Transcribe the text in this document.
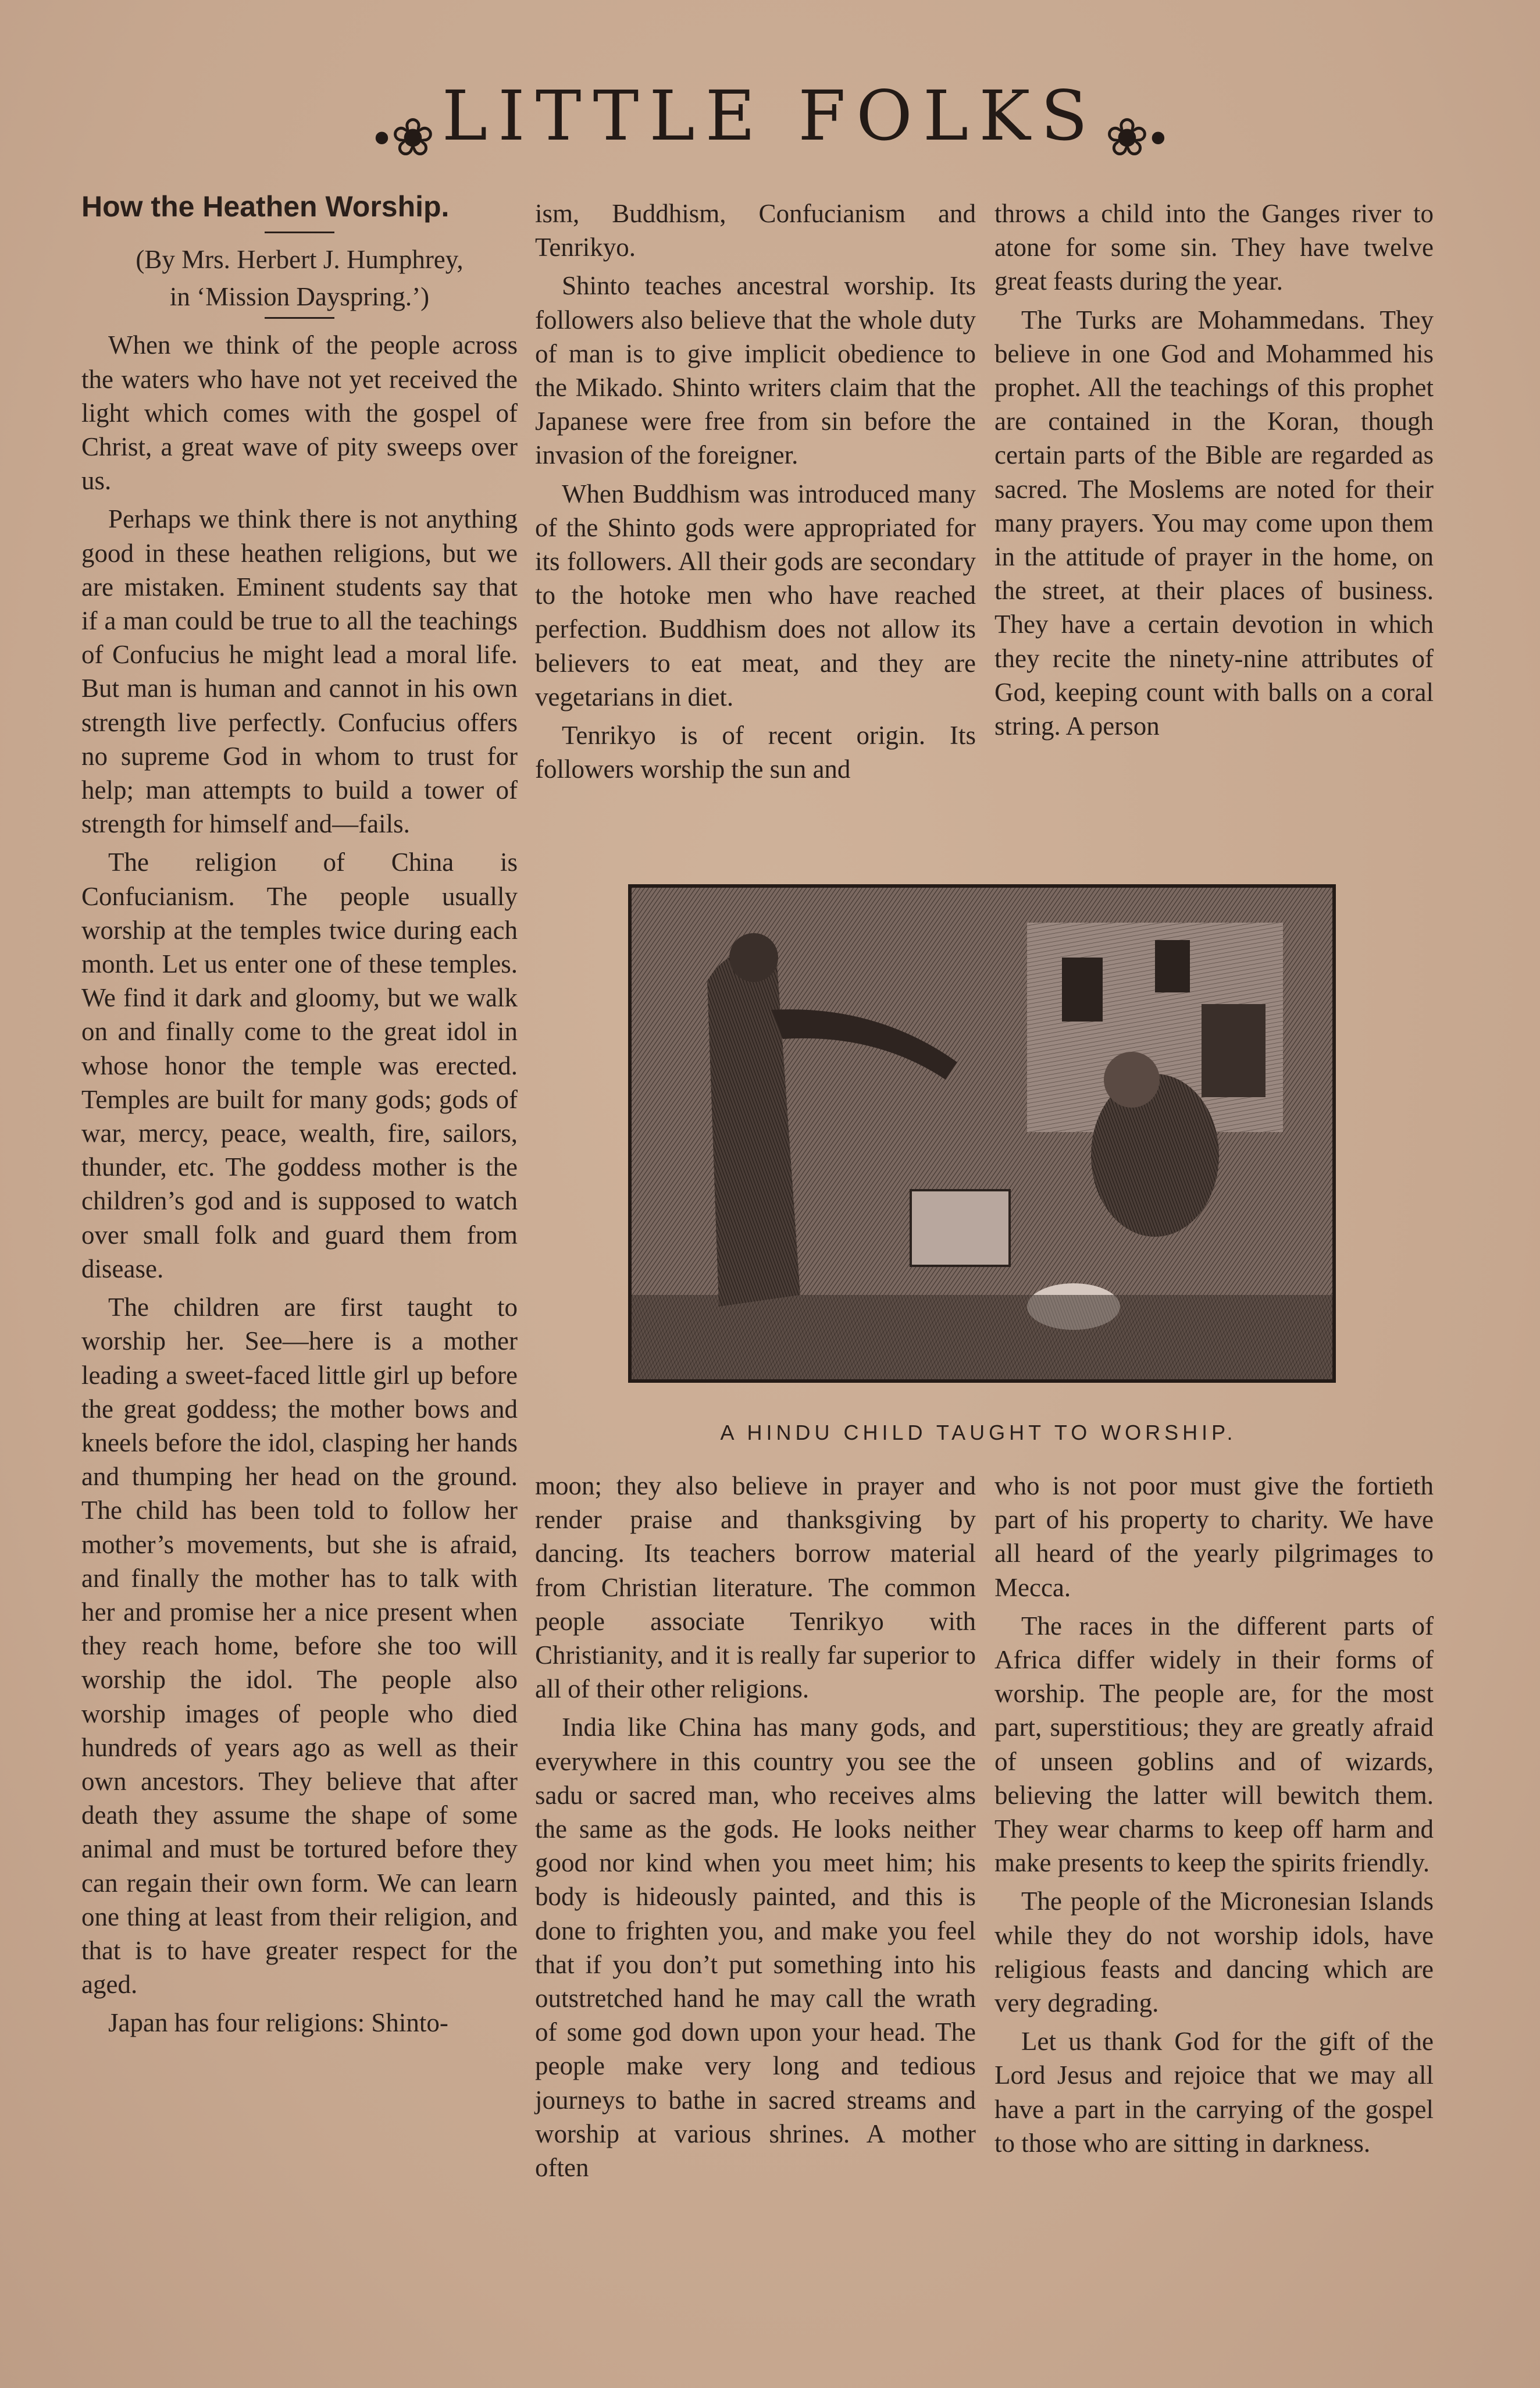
•❀ LITTLE FOLKS ❀•

How the Heathen Worship.

(By Mrs. Herbert J. Humphrey,

in ‘Mission Dayspring.’)

When we think of the people across the waters who have not yet received the light which comes with the gospel of Christ, a great wave of pity sweeps over us.

Perhaps we think there is not anything good in these heathen religions, but we are mistaken. Eminent students say that if a man could be true to all the teachings of Confucius he might lead a moral life. But man is human and cannot in his own strength live perfectly. Confucius offers no supreme God in whom to trust for help; man attempts to build a tower of strength for himself and—fails.

The religion of China is Confucianism. The people usually worship at the temples twice during each month. Let us enter one of these temples. We find it dark and gloomy, but we walk on and finally come to the great idol in whose honor the temple was erected. Temples are built for many gods; gods of war, mercy, peace, wealth, fire, sailors, thunder, etc. The goddess mother is the children’s god and is supposed to watch over small folk and guard them from disease.

The children are first taught to worship her. See—here is a mother leading a sweet-faced little girl up before the great goddess; the mother bows and kneels before the idol, clasping her hands and thumping her head on the ground. The child has been told to follow her mother’s movements, but she is afraid, and finally the mother has to talk with her and promise her a nice present when they reach home, before she too will worship the idol. The people also worship images of people who died hundreds of years ago as well as their own ancestors. They believe that after death they assume the shape of some animal and must be tortured before they can regain their own form. We can learn one thing at least from their religion, and that is to have greater respect for the aged.

Japan has four religions: Shinto-

ism, Buddhism, Confucianism and Tenrikyo.

Shinto teaches ancestral worship. Its followers also believe that the whole duty of man is to give implicit obedience to the Mikado. Shinto writers claim that the Japanese were free from sin before the invasion of the foreigner.

When Buddhism was introduced many of the Shinto gods were appropriated for its followers. All their gods are secondary to the hotoke men who have reached perfection. Buddhism does not allow its believers to eat meat, and they are vegetarians in diet.

Tenrikyo is of recent origin. Its followers worship the sun and

throws a child into the Ganges river to atone for some sin. They have twelve great feasts during the year.

The Turks are Mohammedans. They believe in one God and Mohammed his prophet. All the teachings of this prophet are contained in the Koran, though certain parts of the Bible are regarded as sacred. The Moslems are noted for their many prayers. You may come upon them in the attitude of prayer in the home, on the street, at their places of business. They have a certain devotion in which they recite the ninety-nine attributes of God, keeping count with balls on a coral string. A person

A HINDU CHILD TAUGHT TO WORSHIP.

moon; they also believe in prayer and render praise and thanksgiving by dancing. Its teachers borrow material from Christian literature. The common people associate Tenrikyo with Christianity, and it is really far superior to all of their other religions.

India like China has many gods, and everywhere in this country you see the sadu or sacred man, who receives alms the same as the gods. He looks neither good nor kind when you meet him; his body is hideously painted, and this is done to frighten you, and make you feel that if you don’t put something into his outstretched hand he may call the wrath of some god down upon your head. The people make very long and tedious journeys to bathe in sacred streams and worship at various shrines. A mother often

who is not poor must give the fortieth part of his property to charity. We have all heard of the yearly pilgrimages to Mecca.

The races in the different parts of Africa differ widely in their forms of worship. The people are, for the most part, superstitious; they are greatly afraid of unseen goblins and of wizards, believing the latter will bewitch them. They wear charms to keep off harm and make presents to keep the spirits friendly.

The people of the Micronesian Islands while they do not worship idols, have religious feasts and dancing which are very degrading.

Let us thank God for the gift of the Lord Jesus and rejoice that we may all have a part in the carrying of the gospel to those who are sitting in darkness.
